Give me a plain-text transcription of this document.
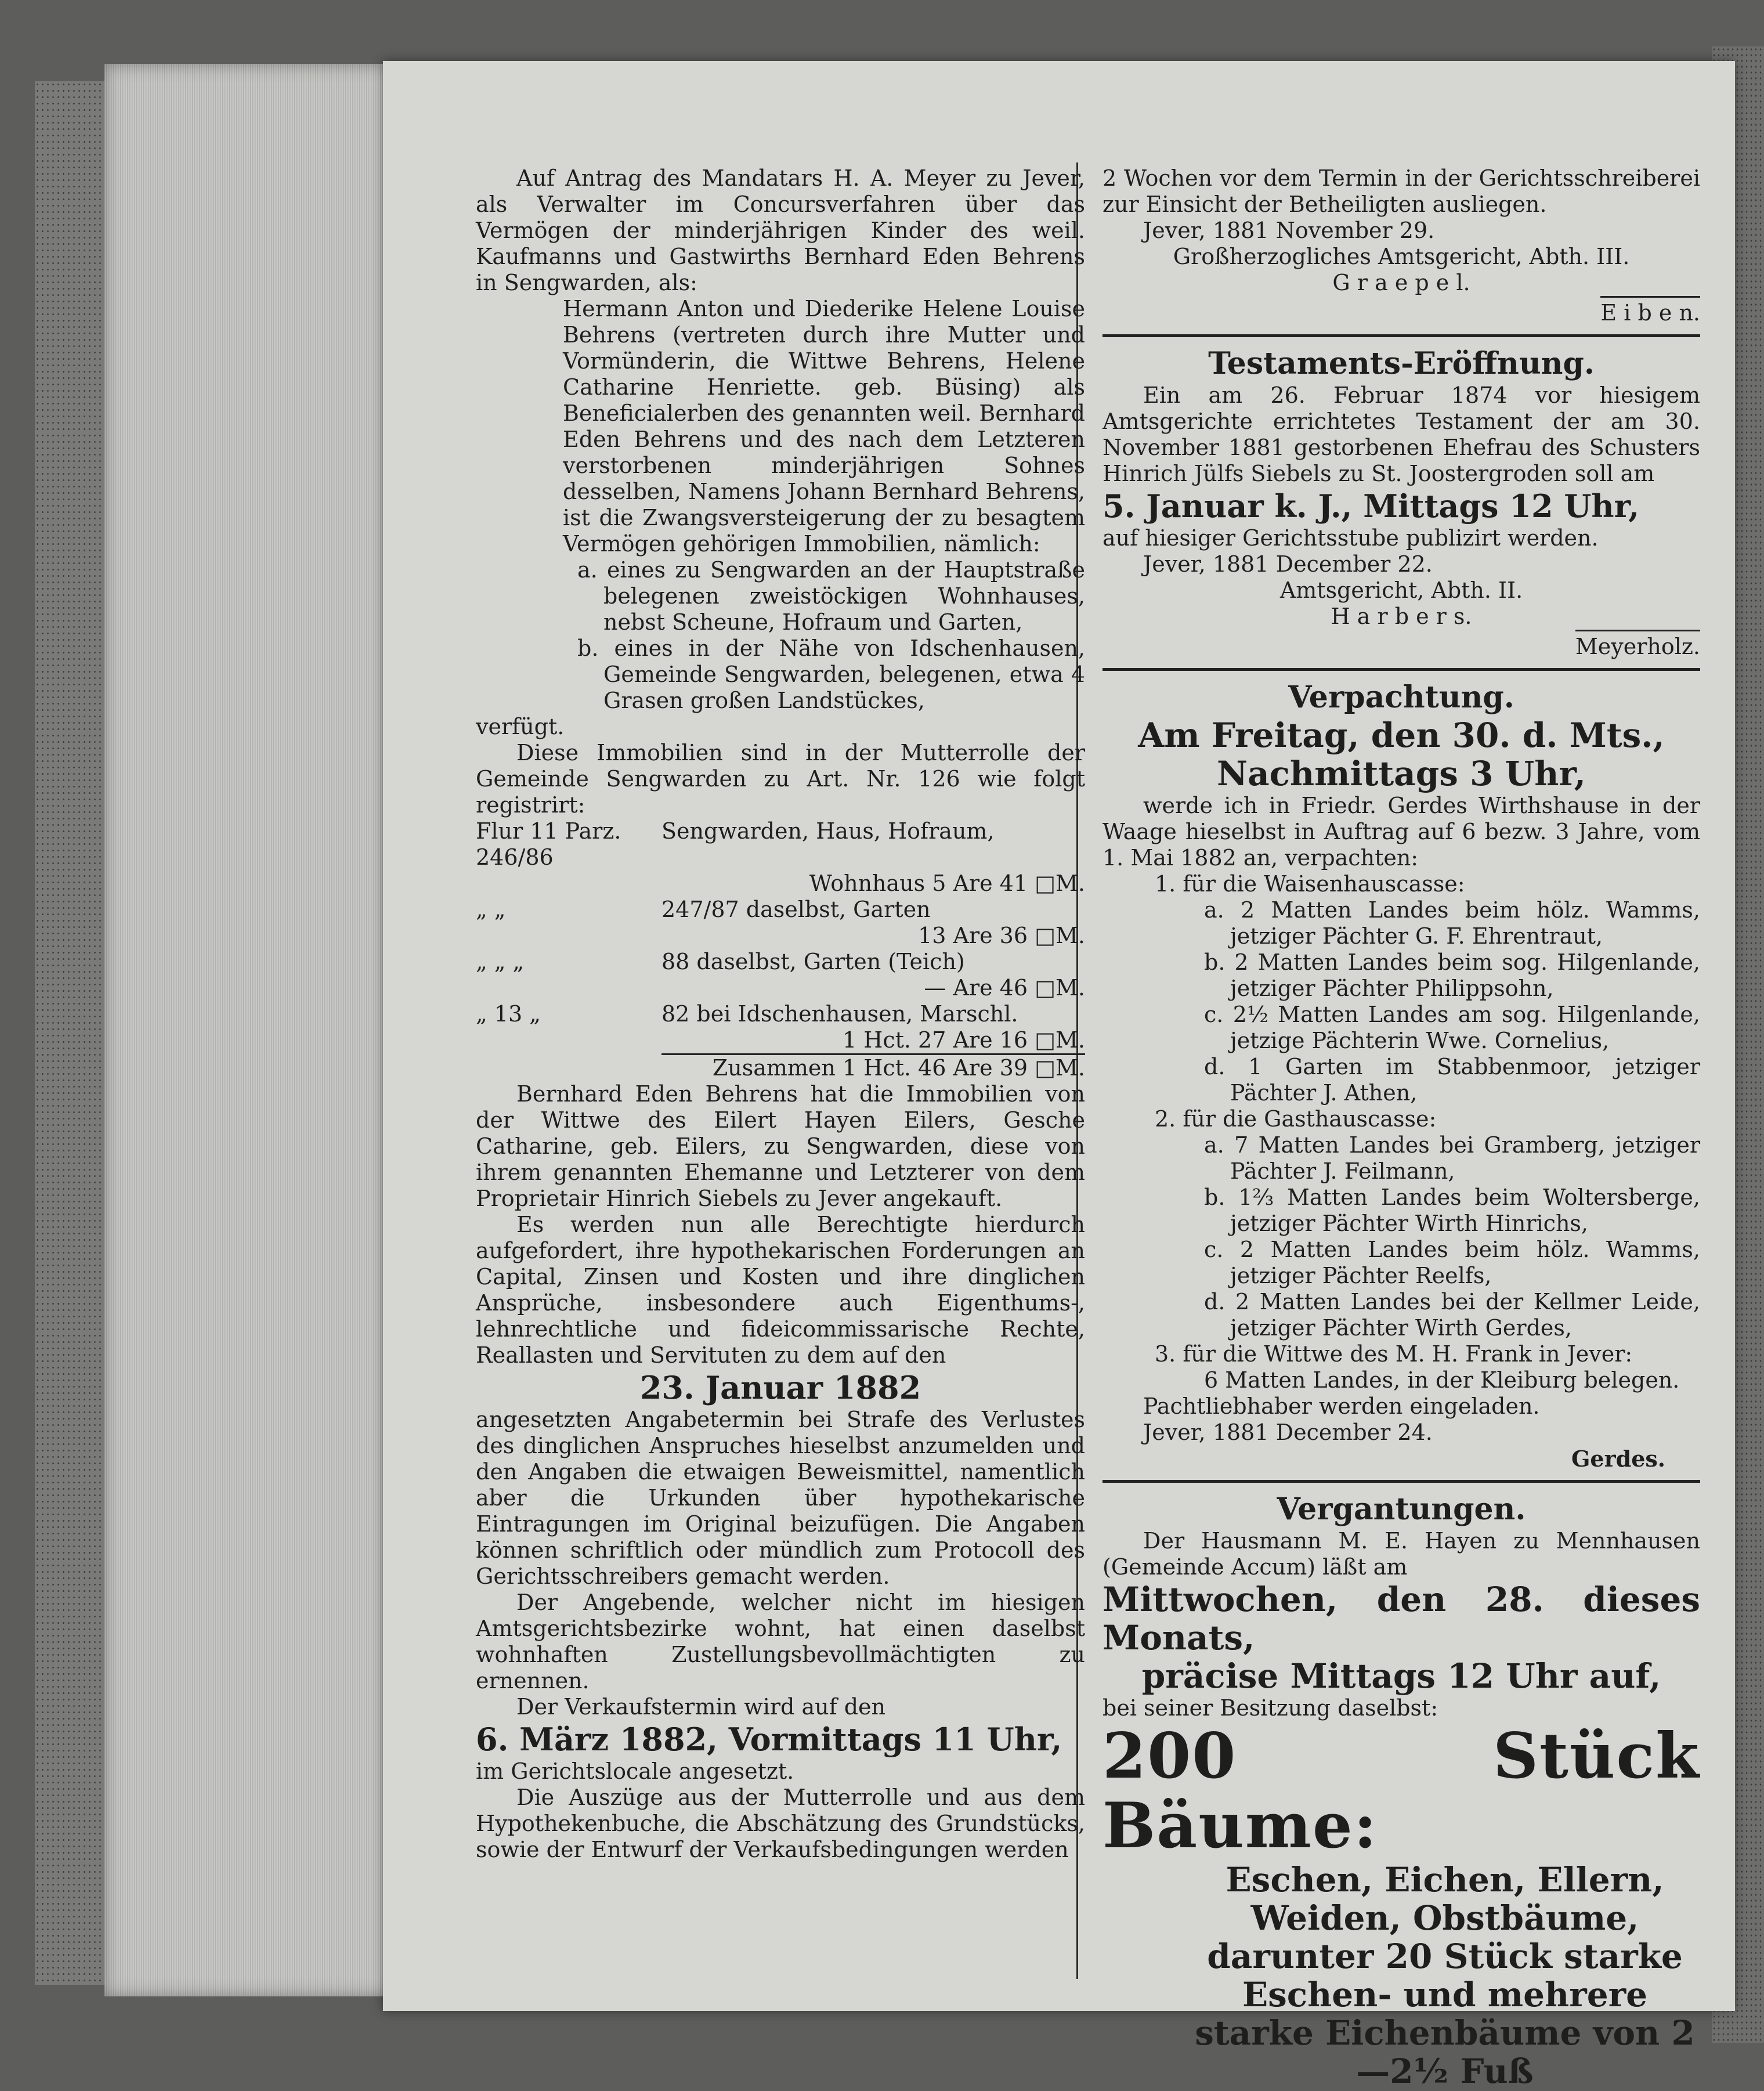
Auf Antrag des Mandatars H. A. Meyer zu Jever, als Verwalter im Concursverfahren über das Vermögen der minderjährigen Kinder des weil. Kaufmanns und Gastwirths Bernhard Eden Behrens in Sengwarden, als:

Hermann Anton und Dieder​ike Helene Louise Behrens (vertreten durch ihre Mutter und Vormünderin, die Wittwe Behrens, Helene Catharine Henriette. geb. Büsing) als Beneficialerben des genannten weil. Bernhard Eden Behrens und des nach dem Letzteren verstorbenen minderjährigen Sohnes desselben, Namens Johann Bernhard Behrens, ist die Zwangsversteigerung der zu besagtem Vermögen gehörigen Immobilien, nämlich:

a. eines zu Sengwarden an der Hauptstraße belegenen zweistöckigen Wohnhauses, nebst Scheune, Hofraum und Garten,

b. eines in der Nähe von Idschenhausen, Gemeinde Sengwarden, belegenen, etwa 4 Grasen großen Landstückes,

verfügt.

Diese Immobilien sind in der Mutterrolle der Gemeinde Sengwarden zu Art. Nr. 126 wie folgt registrirt:

Flur 11 Parz. 246/86	Sengwarden, Haus, Hofraum,
	Wohnhaus 5 Are 41 □M.
„ „	247/87 daselbst, Garten
	13 Are 36 □M.
„ „ „	88 daselbst, Garten (Teich)
	— Are 46 □M.
„ 13 „	82 bei Idschenhausen, Marschl.
	1 Hct. 27 Are 16 □M.

Zusammen 1 Hct. 46 Are 39 □M.

Bernhard Eden Behrens hat die Immobilien von der Wittwe des Eilert Hayen Eilers, Gesche Catharine, geb. Eilers, zu Sengwarden, diese von ihrem genannten Ehemanne und Letzterer von dem Proprietair Hinrich Siebels zu Jever angekauft.

Es werden nun alle Berechtigte hierdurch aufgefordert, ihre hypothekarischen Forderungen an Capital, Zinsen und Kosten und ihre dinglichen Ansprüche, insbesondere auch Eigenthums-, lehnrechtliche und fideicommissarische Rechte, Reallasten und Servituten zu dem auf den

23. Januar 1882

angesetzten Angabetermin bei Strafe des Verlustes des dinglichen Anspruches hieselbst anzumelden und den Angaben die etwaigen Beweismittel, namentlich aber die Urkunden über hypothekarische Eintragungen im Original beizufügen. Die Angaben können schriftlich oder mündlich zum Protocoll des Gerichtsschreibers gemacht werden.

Der Angebende, welcher nicht im hiesigen Amtsgerichtsbezirke wohnt, hat einen daselbst wohnhaften Zustellungsbevollmächtigten zu ernennen.

Der Verkaufstermin wird auf den

6. März 1882, Vormittags 11 Uhr,

im Gerichtslocale angesetzt.

Die Auszüge aus der Mutterrolle und aus dem Hypothekenbuche, die Abschätzung des Grundstücks, sowie der Entwurf der Verkaufsbedingungen werden

2 Wochen vor dem Termin in der Gerichtsschreiberei zur Einsicht der Betheiligten ausliegen.

Jever, 1881 November 29.

Großherzogliches Amtsgericht, Abth. III.

G r a e p e l.

E i b e n.

Testaments-Eröffnung.

Ein am 26. Februar 1874 vor hiesigem Amtsgerichte errichtetes Testament der am 30. November 1881 gestorbenen Ehefrau des Schusters Hinrich Jülfs Siebels zu St. Joostergroden soll am

5. Januar k. J., Mittags 12 Uhr,

auf hiesiger Gerichtsstube publizirt werden.

Jever, 1881 December 22.

Amtsgericht, Abth. II.

H a r b e r s.

Meyerholz.

Verpachtung.

Am Freitag, den 30. d. Mts.,

Nachmittags 3 Uhr,

werde ich in Friedr. Gerdes Wirthshause in der Waage hieselbst in Auftrag auf 6 bezw. 3 Jahre, vom 1. Mai 1882 an, verpachten:

1. für die Waisenhauscasse:

a. 2 Matten Landes beim hölz. Wamms, jetziger Pächter G. F. Ehrentraut,

b. 2 Matten Landes beim sog. Hilgenlande, jetziger Pächter Philippsohn,

c. 2½ Matten Landes am sog. Hilgenlande, jetzige Pächterin Wwe. Cornelius,

d. 1 Garten im Stabbenmoor, jetziger Pächter J. Athen,

2. für die Gasthauscasse:

a. 7 Matten Landes bei Gramberg, jetziger Pächter J. Feilmann,

b. 1⅔ Matten Landes beim Woltersberge, jetziger Pächter Wirth Hinrichs,

c. 2 Matten Landes beim hölz. Wamms, jetziger Pächter Reelfs,

d. 2 Matten Landes bei der Kellmer Leide, jetziger Pächter Wirth Gerdes,

3. für die Wittwe des M. H. Frank in Jever:

6 Matten Landes, in der Kleiburg belegen.

Pachtliebhaber werden eingeladen.

Jever, 1881 December 24.

Gerdes.

Vergantungen.

Der Hausmann M. E. Hayen zu Mennhausen (Gemeinde Accum) läßt am

Mittwochen, den 28. dieses Monats,

präcise Mittags 12 Uhr auf,

bei seiner Besitzung daselbst:

200 Stück Bäume:

Eschen, Eichen, Ellern, Weiden, Obstbäume, darunter 20 Stück starke Eschen- und mehrere starke Eichenbäume von 2—2½ Fuß
